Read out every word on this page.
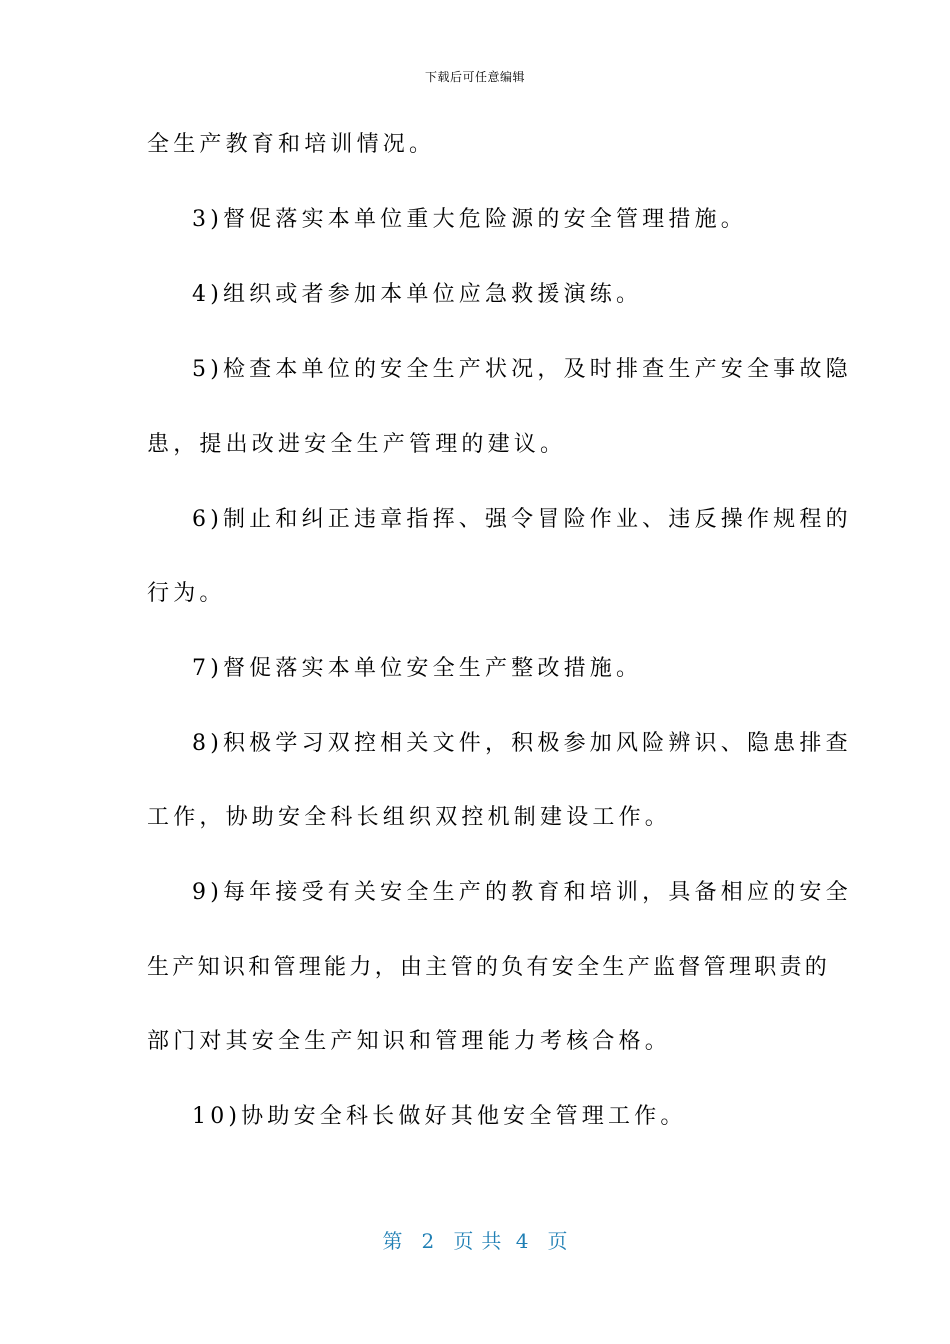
下载后可任意编辑
全生产教育和培训情况。
3)督促落实本单位重大危险源的安全管理措施。
4)组织或者参加本单位应急救援演练。
5)检查本单位的安全生产状况，及时排查生产安全事故隐
患，提出改进安全生产管理的建议。
6)制止和纠正违章指挥、强令冒险作业、违反操作规程的
行为。
7)督促落实本单位安全生产整改措施。
8)积极学习双控相关文件，积极参加风险辨识、隐患排查
工作，协助安全科长组织双控机制建设工作。
9)每年接受有关安全生产的教育和培训，具备相应的安全
生产知识和管理能力，由主管的负有安全生产监督管理职责的
部门对其安全生产知识和管理能力考核合格。
10)协助安全科长做好其他安全管理工作。
第 2 页共 4 页
